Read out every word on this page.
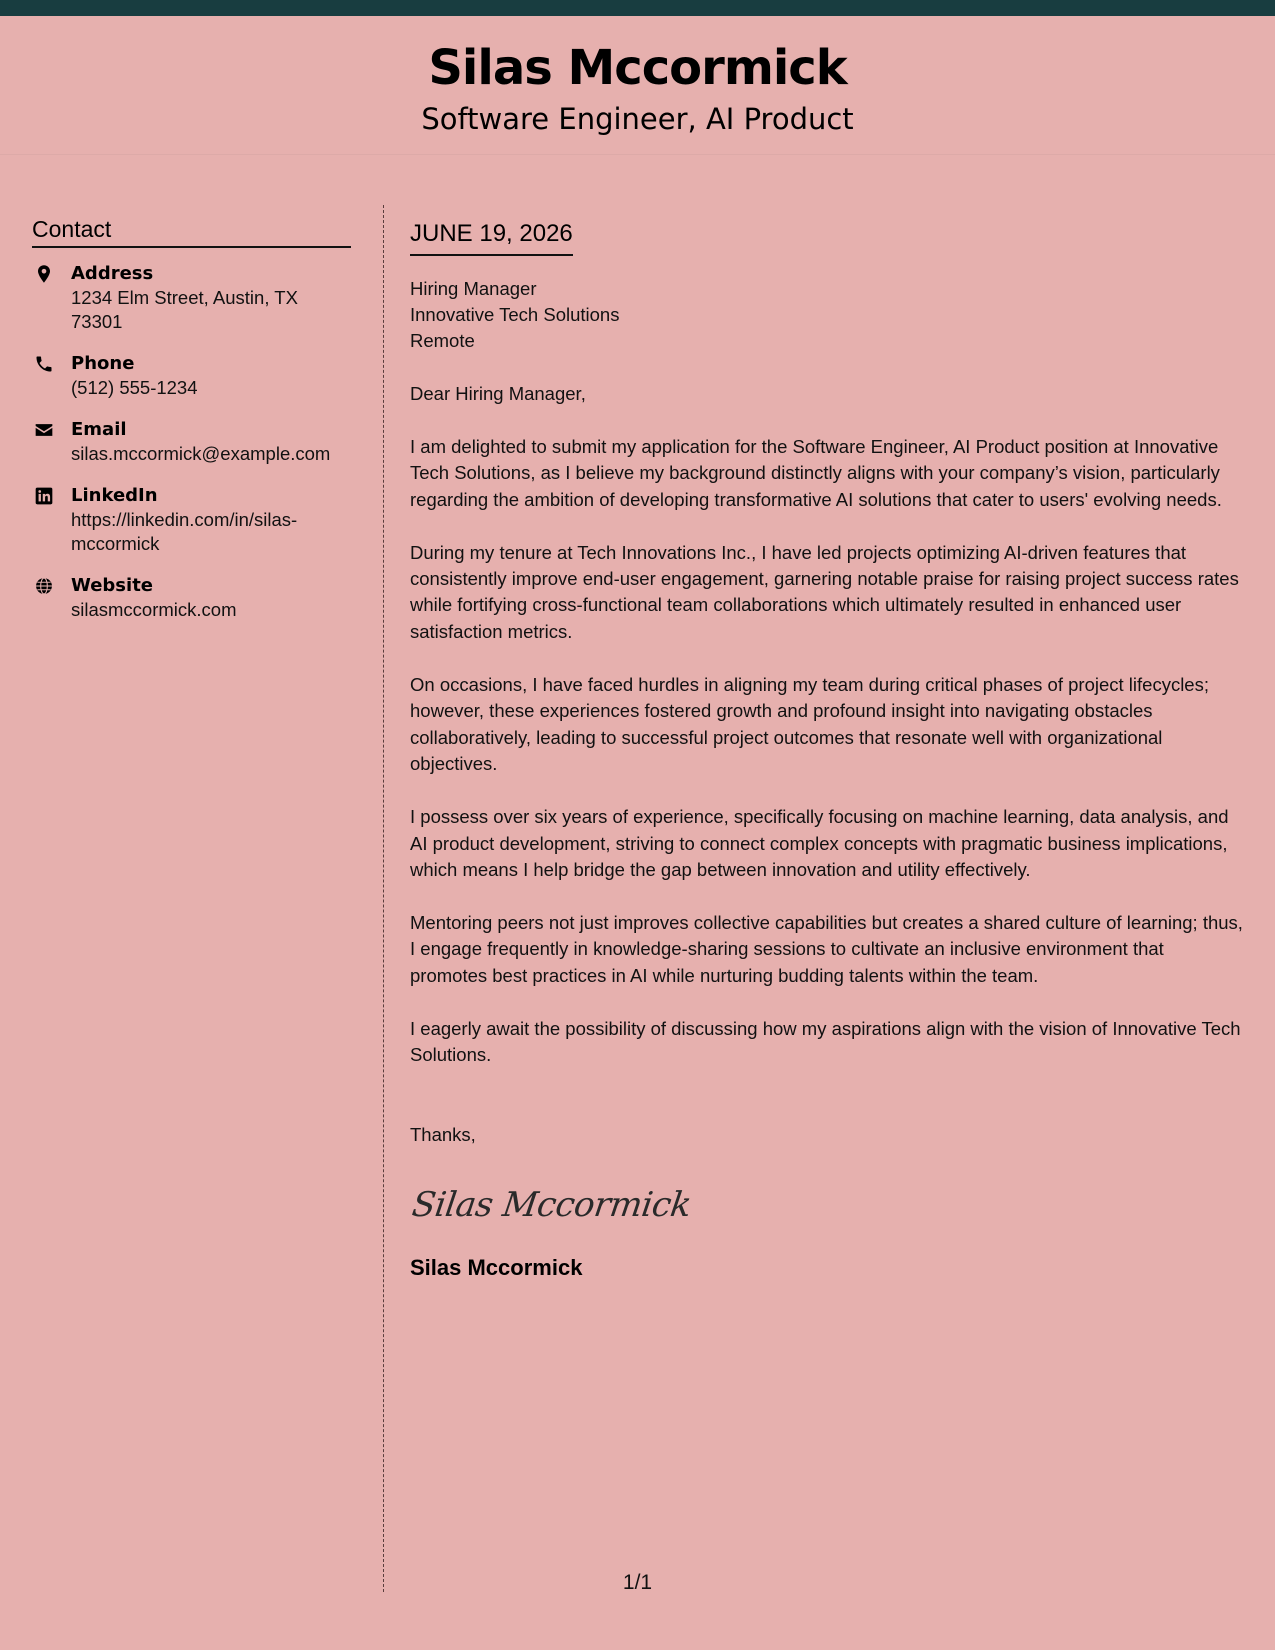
Silas Mccormick
Software Engineer, AI Product
Contact
Address
1234 Elm Street, Austin, TX 73301
Phone
(512) 555-1234
Email
silas.mccormick@example.com
LinkedIn
https://linkedin.com/in/silas-mccormick
Website
silasmccormick.com
JUNE 19, 2026
Hiring Manager
Innovative Tech Solutions
Remote
Dear Hiring Manager,

I am delighted to submit my application for the Software Engineer, AI Product position at Innovative Tech Solutions, as I believe my background distinctly aligns with your company’s vision, particularly regarding the ambition of developing transformative AI solutions that cater to users' evolving needs.

During my tenure at Tech Innovations Inc., I have led projects optimizing AI-driven features that consistently improve end-user engagement, garnering notable praise for raising project success rates while fortifying cross-functional team collaborations which ultimately resulted in enhanced user satisfaction metrics.

On occasions, I have faced hurdles in aligning my team during critical phases of project lifecycles; however, these experiences fostered growth and profound insight into navigating obstacles collaboratively, leading to successful project outcomes that resonate well with organizational objectives.

I possess over six years of experience, specifically focusing on machine learning, data analysis, and AI product development, striving to connect complex concepts with pragmatic business implications, which means I help bridge the gap between innovation and utility effectively.

Mentoring peers not just improves collective capabilities but creates a shared culture of learning; thus, I engage frequently in knowledge-sharing sessions to cultivate an inclusive environment that promotes best practices in AI while nurturing budding talents within the team.

I eagerly await the possibility of discussing how my aspirations align with the vision of Innovative Tech Solutions.

Thanks,
Silas Mccormick
Silas Mccormick
1/1
